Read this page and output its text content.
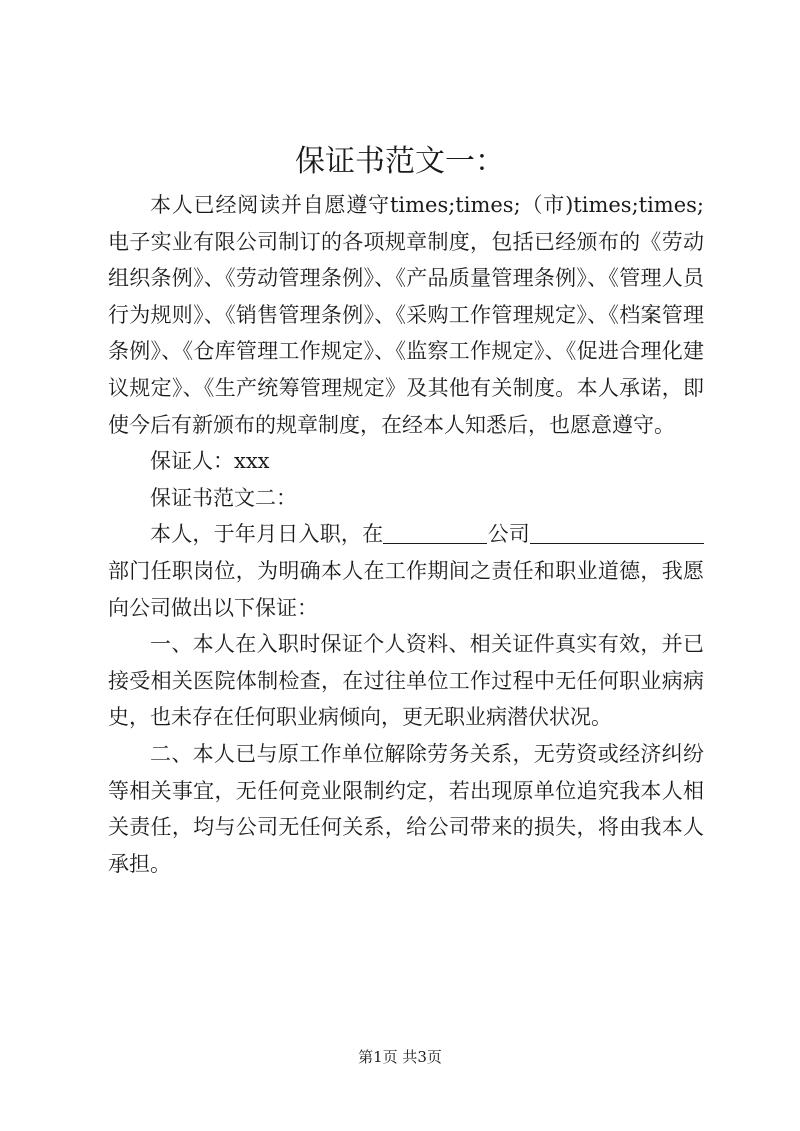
保证书范文一：

本人已经阅读并自愿遵守times;times;（市)times;times;电子实业有限公司制订的各项规章制度，包括已经颁布的《劳动组织条例》、《劳动管理条例》、《产品质量管理条例》、《管理人员行为规则》、《销售管理条例》、《采购工作管理规定》、《档案管理条例》、《仓库管理工作规定》、《监察工作规定》、《促进合理化建议规定》、《生产统筹管理规定》及其他有关制度。本人承诺，即使今后有新颁布的规章制度，在经本人知悉后，也愿意遵守。

保证人：xxx

保证书范文二：

本人，于年月日入职，在	公司部门任职岗位，为明确本人在工作期间之责任和职业道德，我愿向公司做出以下保证：

一、本人在入职时保证个人资料、相关证件真实有效，并已接受相关医院体制检查，在过往单位工作过程中无任何职业病病史，也未存在任何职业病倾向，更无职业病潜伏状况。

二、本人已与原工作单位解除劳务关系，无劳资或经济纠纷等相关事宜，无任何竞业限制约定，若出现原单位追究我本人相关责任，均与公司无任何关系，给公司带来的损失，将由我本人承担。

第1页 共3页
